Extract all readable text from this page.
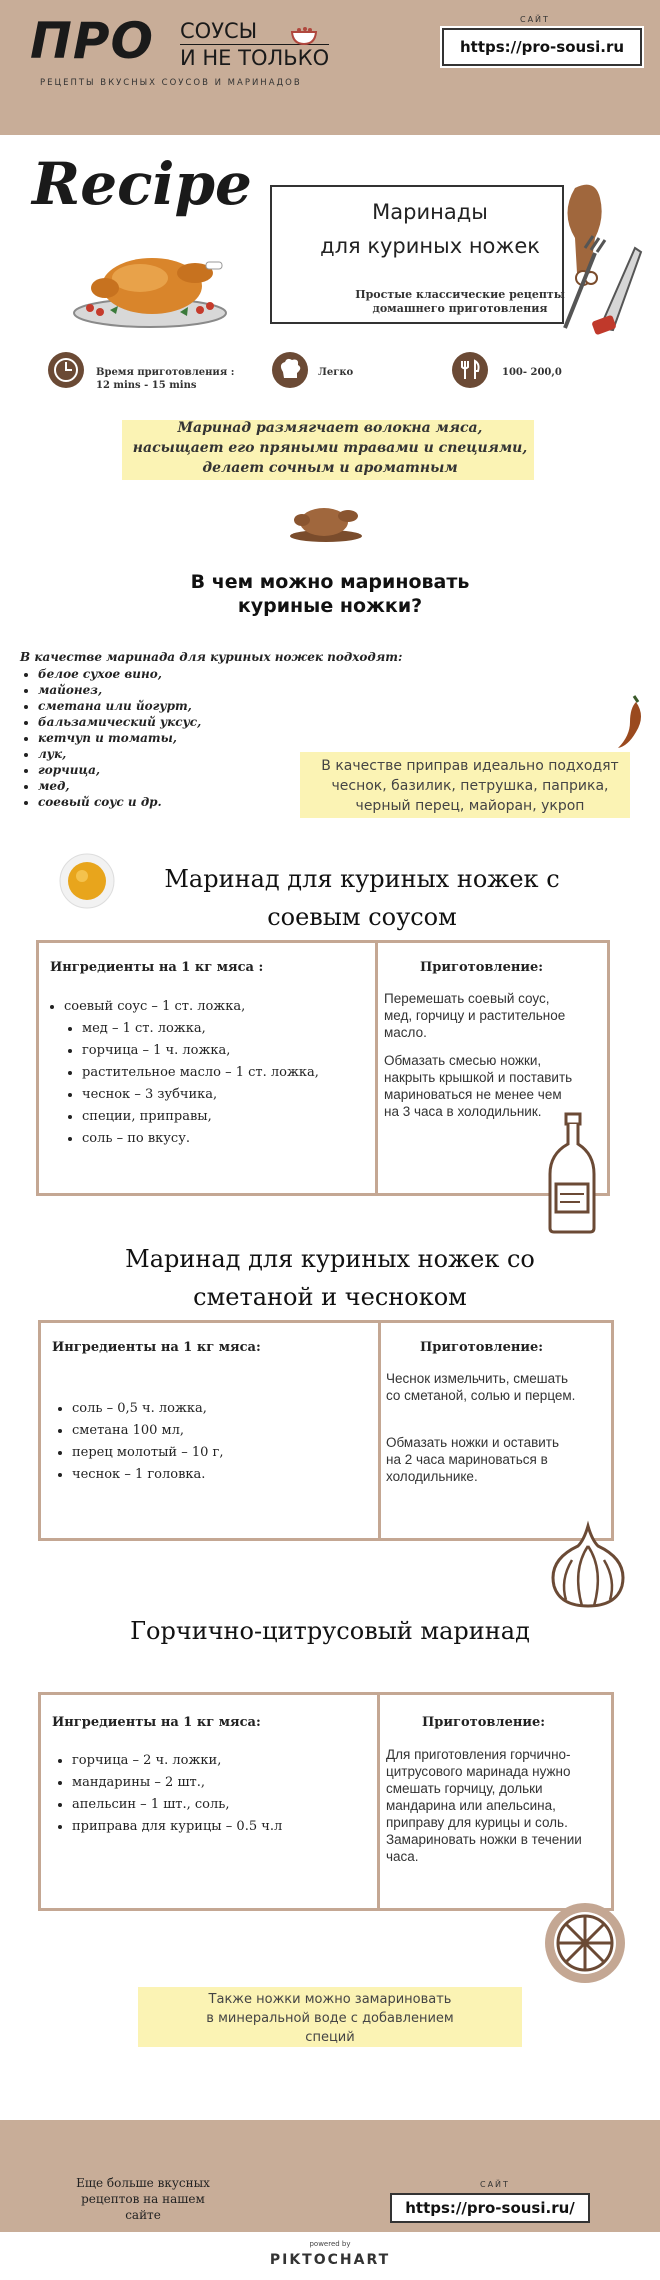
ПРО СОУСЫ
И НЕ ТОЛЬКО
РЕЦЕПТЫ ВКУСНЫХ СОУСОВ И МАРИНАДОВ
САЙТ
https://pro-sousi.ru
Recipe	Маринады
для куриных ножек
Простые классические рецепты
домашнего приготовления
Время приготовления :
12 mins - 15 mins
Легко	100- 200,0
Маринад размягчает волокна мяса,
насыщает его пряными травами и специями,
делает сочным и ароматным
В чем можно мариновать
куриные ножки?
В качестве маринада для куриных ножек подходят:
• белое сухое вино,
• майонез,
• сметана или йогурт,
• бальзамический уксус,
• кетчуп и томаты,
• лук,
• горчица,
• мед,
• соевый соус и др.
В качестве приправ идеально подходят
чеснок, базилик, петрушка, паприка,
черный перец, майоран, укроп
Маринад для куриных ножек с
соевым соусом
Ингредиенты на 1 кг мяса :
• соевый соус – 1 ст. ложка,
• мед – 1 ст. ложка,
• горчица – 1 ч. ложка,
• растительное масло – 1 ст. ложка,
• чеснок – 3 зубчика,
• специи, приправы,
• соль – по вкусу.
Приготовление:
Перемешать соевый соус, мед, горчицу и растительное масло.
Обмазать смесью ножки, накрыть крышкой и поставить мариноваться не менее чем на 3 часа в холодильник.
Маринад для куриных ножек со
сметаной и чесноком
Ингредиенты на 1 кг мяса:
• соль – 0,5 ч. ложка,
• сметана 100 мл,
• перец молотый – 10 г,
• чеснок – 1 головка.
Приготовление:
Чеснок измельчить, смешать со сметаной, солью и перцем.
Обмазать ножки и оставить на 2 часа мариноваться в холодильнике.
Горчично-цитрусовый маринад
Ингредиенты на 1 кг мяса:
• горчица – 2 ч. ложки,
• мандарины – 2 шт.,
• апельсин – 1 шт., соль,
• приправа для курицы – 0.5 ч.л
Приготовление:
Для приготовления горчично-цитрусового маринада нужно смешать горчицу, дольки мандарина или апельсина, приправу для курицы и соль. Замариновать ножки в течении часа.
Также ножки можно замариновать
в минеральной воде с добавлением
специй
Еще больше вкусных рецептов на нашем
сайте
САЙТ
https://pro-sousi.ru/
powered by
PIKTOCHART
